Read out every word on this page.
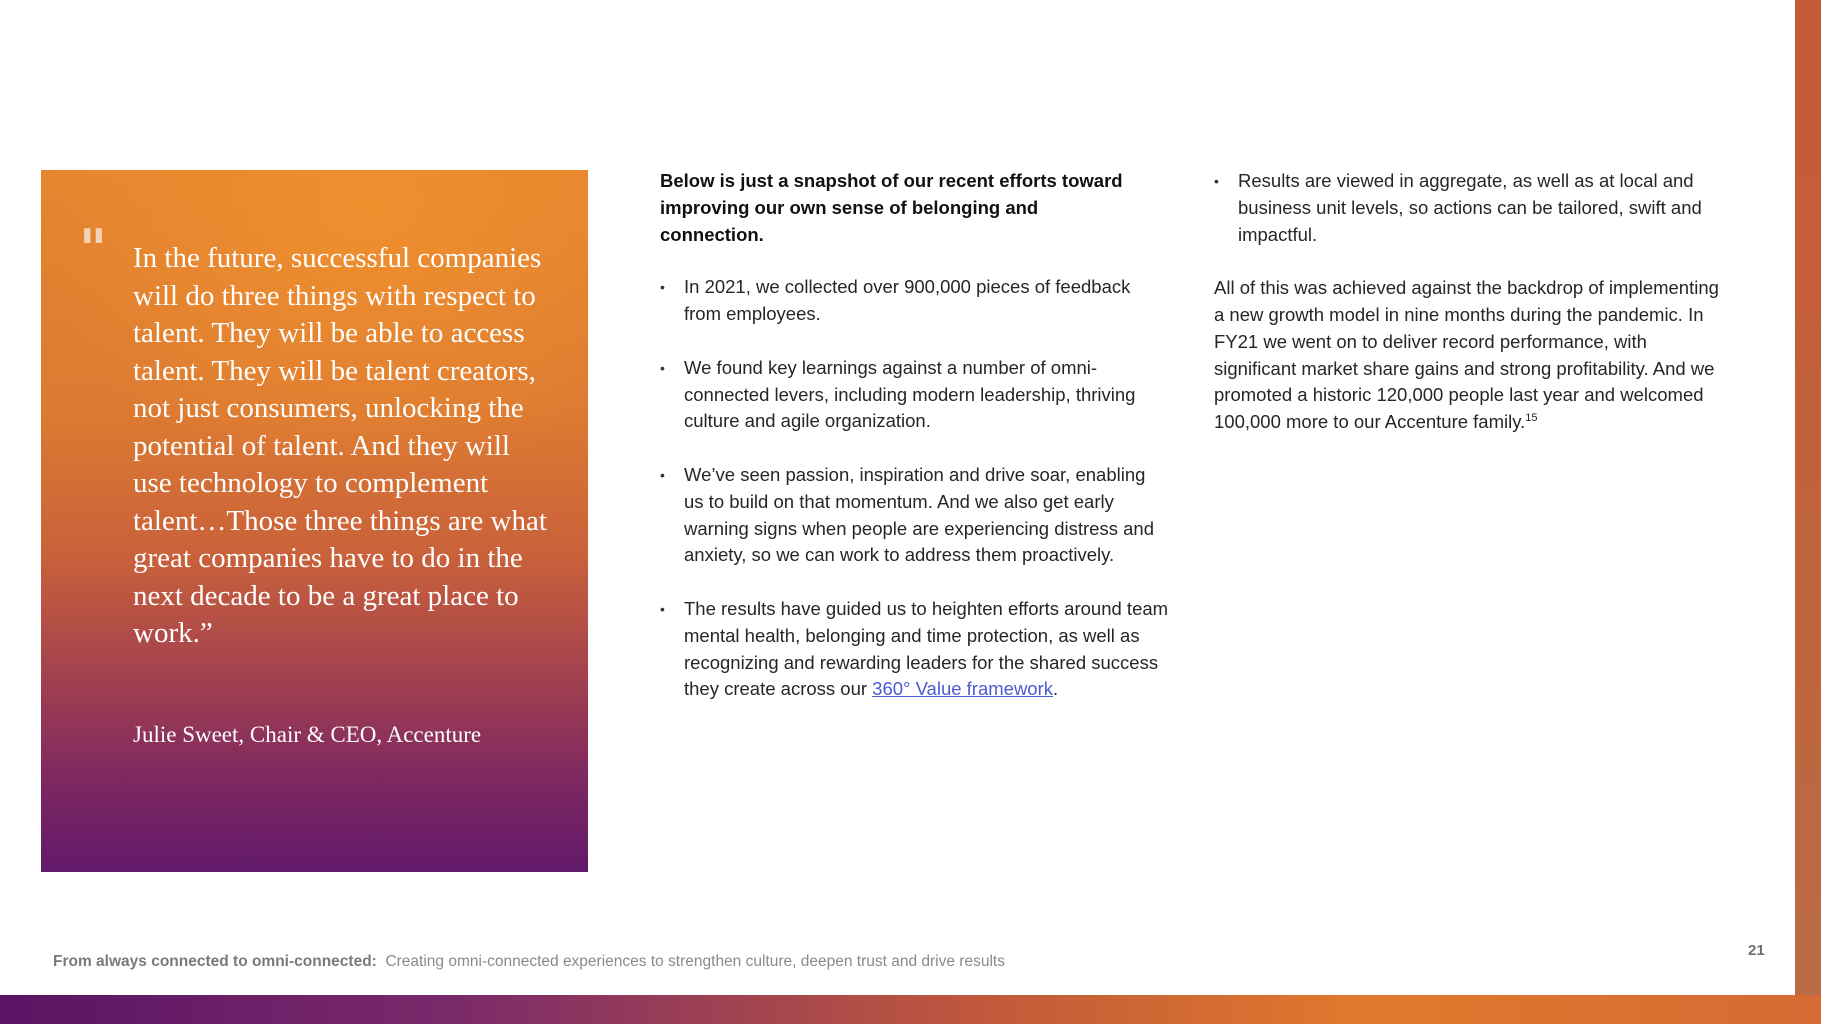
" In the future, successful companies will do three things with respect to talent. They will be able to access talent. They will be talent creators, not just consumers, unlocking the potential of talent. And they will use technology to complement talent…Those three things are what great companies have to do in the next decade to be a great place to work.”

Julie Sweet, Chair & CEO, Accenture

Below is just a snapshot of our recent efforts toward improving our own sense of belonging and connection.

• In 2021, we collected over 900,000 pieces of feedback from employees.
• We found key learnings against a number of omni-connected levers, including modern leadership, thriving culture and agile organization.
• We’ve seen passion, inspiration and drive soar, enabling us to build on that momentum. And we also get early warning signs when people are experiencing distress and anxiety, so we can work to address them proactively.
• The results have guided us to heighten efforts around team mental health, belonging and time protection, as well as recognizing and rewarding leaders for the shared success they create across our 360° Value framework.
• Results are viewed in aggregate, as well as at local and business unit levels, so actions can be tailored, swift and impactful.

All of this was achieved against the backdrop of implementing a new growth model in nine months during the pandemic. In FY21 we went on to deliver record performance, with significant market share gains and strong profitability. And we promoted a historic 120,000 people last year and welcomed 100,000 more to our Accenture family.$^{15}$

From always connected to omni-connected: Creating omni-connected experiences to strengthen culture, deepen trust and drive results
21
